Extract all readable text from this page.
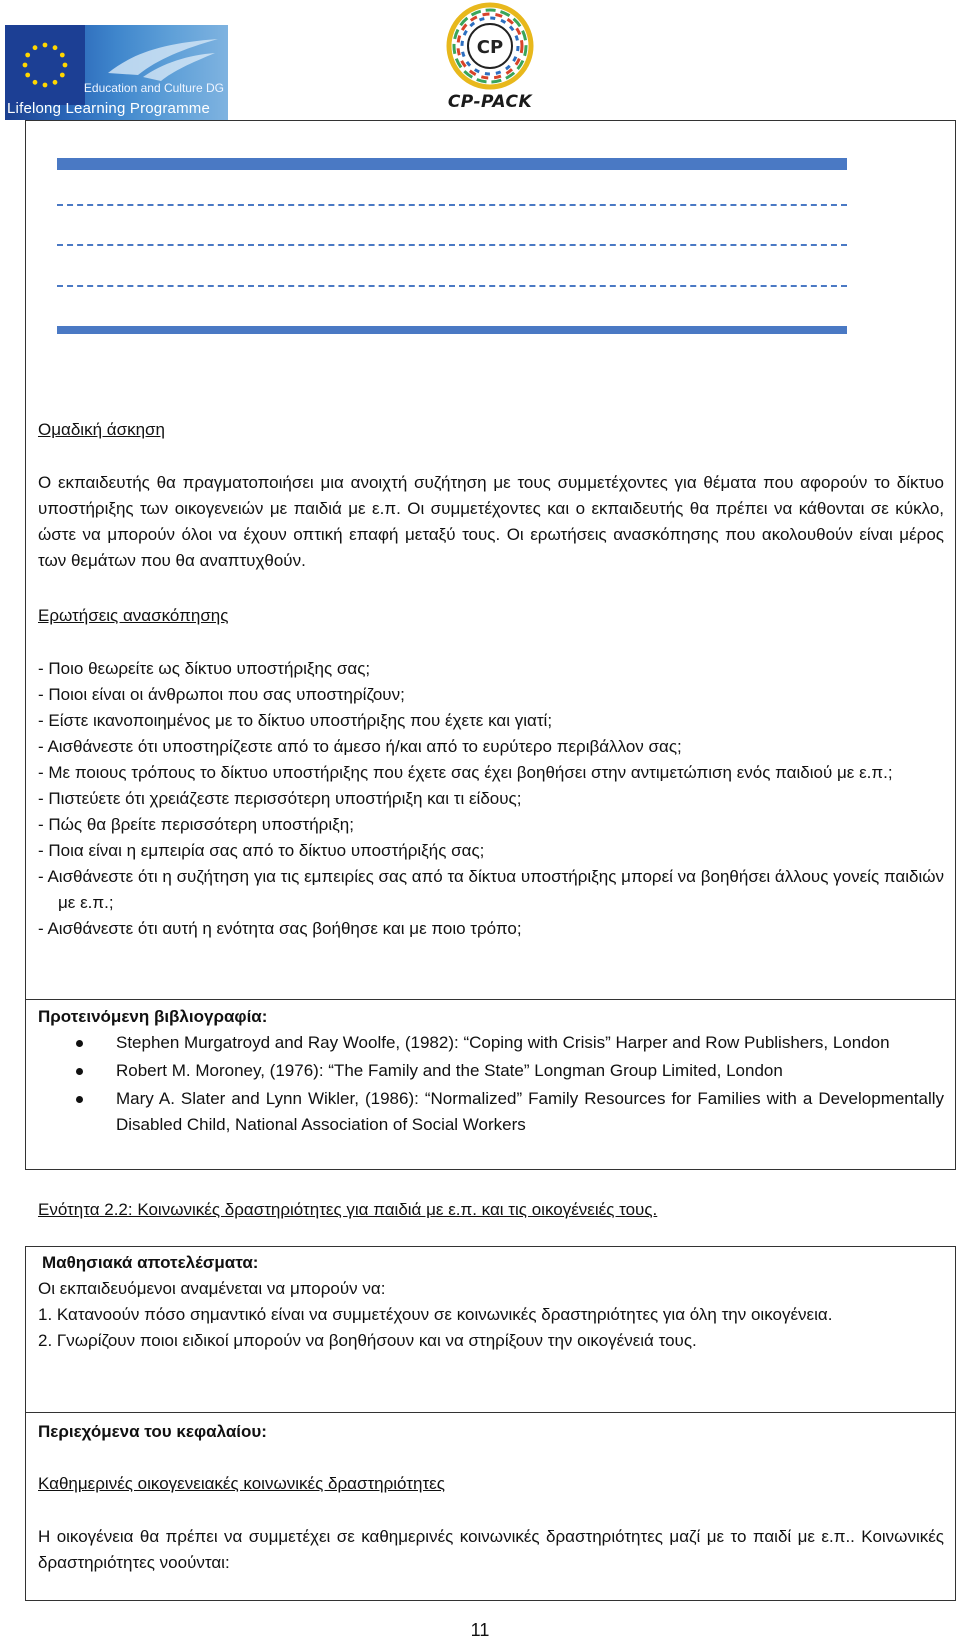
Education and Culture DG
Lifelong Learning Programme
CP
CP-PACK
Ομαδική άσκηση
Ο εκπαιδευτής θα πραγματοποιήσει μια ανοιχτή συζήτηση με τους συμμετέχοντες για θέματα που αφορούν το δίκτυο υποστήριξης των οικογενειών με παιδιά με ε.π. Οι συμμετέχοντες και ο εκπαιδευτής θα πρέπει να κάθονται σε κύκλο, ώστε να μπορούν όλοι να έχουν οπτική επαφή μεταξύ τους. Οι ερωτήσεις ανασκόπησης που ακολουθούν είναι μέρος των θεμάτων που θα αναπτυχθούν.
Ερωτήσεις ανασκόπησης

- Ποιο θεωρείτε ως δίκτυο υποστήριξης σας;

- Ποιοι είναι οι άνθρωποι που σας υποστηρίζουν;

- Είστε ικανοποιημένος με το δίκτυο υποστήριξης που έχετε και γιατί;

- Αισθάνεστε ότι υποστηρίζεστε από το άμεσο ή/και από το ευρύτερο περιβάλλον σας;

- Με ποιους τρόπους το δίκτυο υποστήριξης που έχετε σας έχει βοηθήσει στην αντιμετώπιση ενός παιδιού με ε.π.;

- Πιστεύετε ότι χρειάζεστε περισσότερη υποστήριξη και τι είδους;

- Πώς θα βρείτε περισσότερη υποστήριξη;

- Ποια είναι η εμπειρία σας από το δίκτυο υποστήριξής σας;

- Αισθάνεστε ότι η συζήτηση για τις εμπειρίες σας από τα δίκτυα υποστήριξης μπορεί να βοηθήσει άλλους γονείς παιδιών με ε.π.;

- Αισθάνεστε ότι αυτή η ενότητα σας βοήθησε και με ποιο τρόπο;

Προτεινόμενη βιβλιογραφία:
Stephen Murgatroyd and Ray Woolfe, (1982): “Coping with Crisis” Harper and Row Publishers, London
Robert M. Moroney, (1976): “The Family and the State” Longman Group Limited, London
Mary A. Slater and Lynn Wikler, (1986): “Normalized” Family Resources for Families with a Developmentally Disabled Child, National Association of Social Workers
Ενότητα 2.2: Κοινωνικές δραστηριότητες για παιδιά με ε.π. και τις οικογένειές τους.
Μαθησιακά αποτελέσματα:
Οι εκπαιδευόμενοι αναμένεται να μπορούν να:

1. Κατανοούν πόσο σημαντικό είναι να συμμετέχουν σε κοινωνικές δραστηριότητες για όλη την οικογένεια.

2. Γνωρίζουν ποιοι ειδικοί μπορούν να βοηθήσουν και να στηρίξουν την οικογένειά τους.

Περιεχόμενα του κεφαλαίου:
Καθημερινές οικογενειακές κοινωνικές δραστηριότητες
Η οικογένεια θα πρέπει να συμμετέχει σε καθημερινές κοινωνικές δραστηριότητες μαζί με το παιδί με ε.π.. Κοινωνικές δραστηριότητες νοούνται:
11
